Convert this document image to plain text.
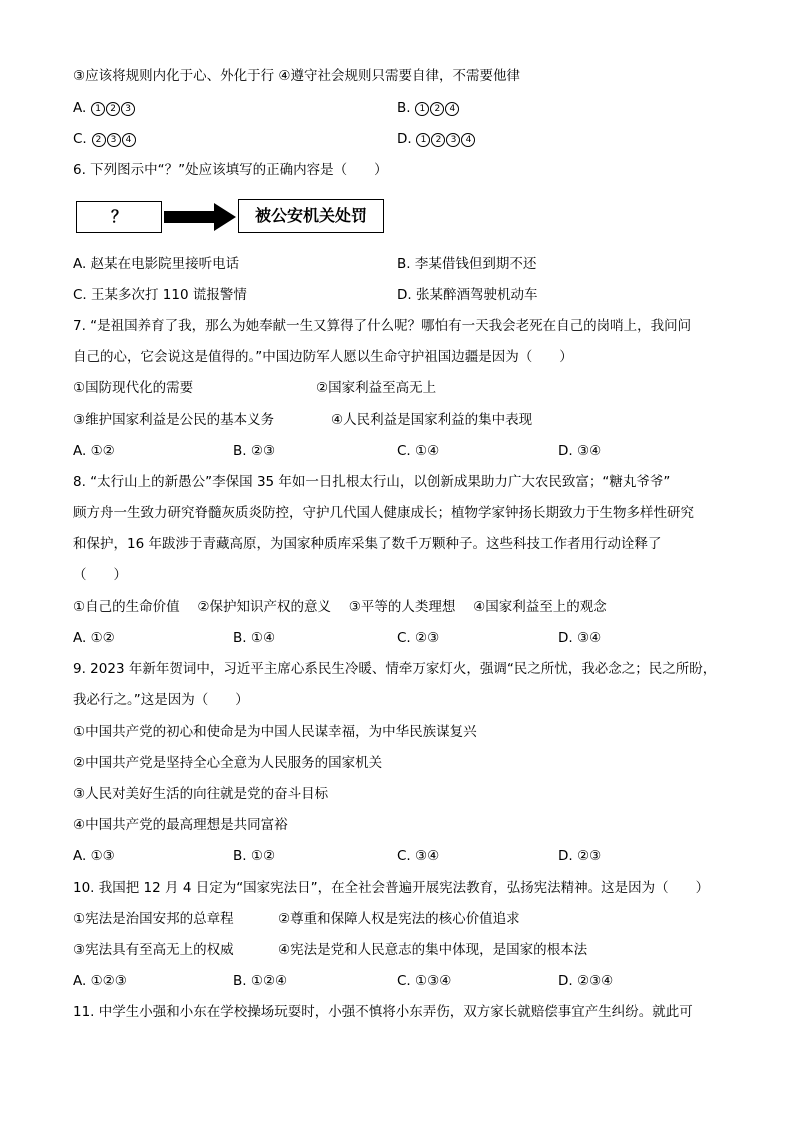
③应该将规则内化于心、外化于行 ④遵守社会规则只需要自律，不需要他律
A. 1 2 3	B. 1 2 4
C. 2 3 4	D. 1 2 3 4
6. 下列图示中“？”处应该填写的正确内容是（　　）
？	被公安机关处罚
A. 赵某在电影院里接听电话	B. 李某借钱但到期不还
C. 王某多次打 110 谎报警情	D. 张某醉酒驾驶机动车
7. “是祖国养育了我，那么为她奉献一生又算得了什么呢？哪怕有一天我会老死在自己的岗哨上，我问问
自己的心，它会说这是值得的。”中国边防军人愿以生命守护祖国边疆是因为（　　）
①国防现代化的需要	②国家利益至高无上
③维护国家利益是公民的基本义务	④人民利益是国家利益的集中表现
A. ①②	B. ②③	C. ①④	D. ③④
8. “太行山上的新愚公”李保国 35 年如一日扎根太行山，以创新成果助力广大农民致富；“糖丸爷爷”
顾方舟一生致力研究脊髓灰质炎防控，守护几代国人健康成长；植物学家钟扬长期致力于生物多样性研究
和保护，16 年跋涉于青藏高原，为国家种质库采集了数千万颗种子。这些科技工作者用行动诠释了
（　　）
①自己的生命价值　 ②保护知识产权的意义　 ③平等的人类理想　 ④国家利益至上的观念
A. ①②	B. ①④	C. ②③	D. ③④
9. 2023 年新年贺词中，习近平主席心系民生冷暖、情牵万家灯火，强调“民之所忧，我必念之；民之所盼，
我必行之。”这是因为（　　）
①中国共产党的初心和使命是为中国人民谋幸福，为中华民族谋复兴
②中国共产党是坚持全心全意为人民服务的国家机关
③人民对美好生活的向往就是党的奋斗目标
④中国共产党的最高理想是共同富裕
A. ①③	B. ①②	C. ③④	D. ②③
10. 我国把 12 月 4 日定为“国家宪法日”，在全社会普遍开展宪法教育，弘扬宪法精神。这是因为（　　）
①宪法是治国安邦的总章程	②尊重和保障人权是宪法的核心价值追求
③宪法具有至高无上的权威	④宪法是党和人民意志的集中体现，是国家的根本法
A. ①②③	B. ①②④	C. ①③④	D. ②③④
11. 中学生小强和小东在学校操场玩耍时，小强不慎将小东弄伤，双方家长就赔偿事宜产生纠纷。就此可
